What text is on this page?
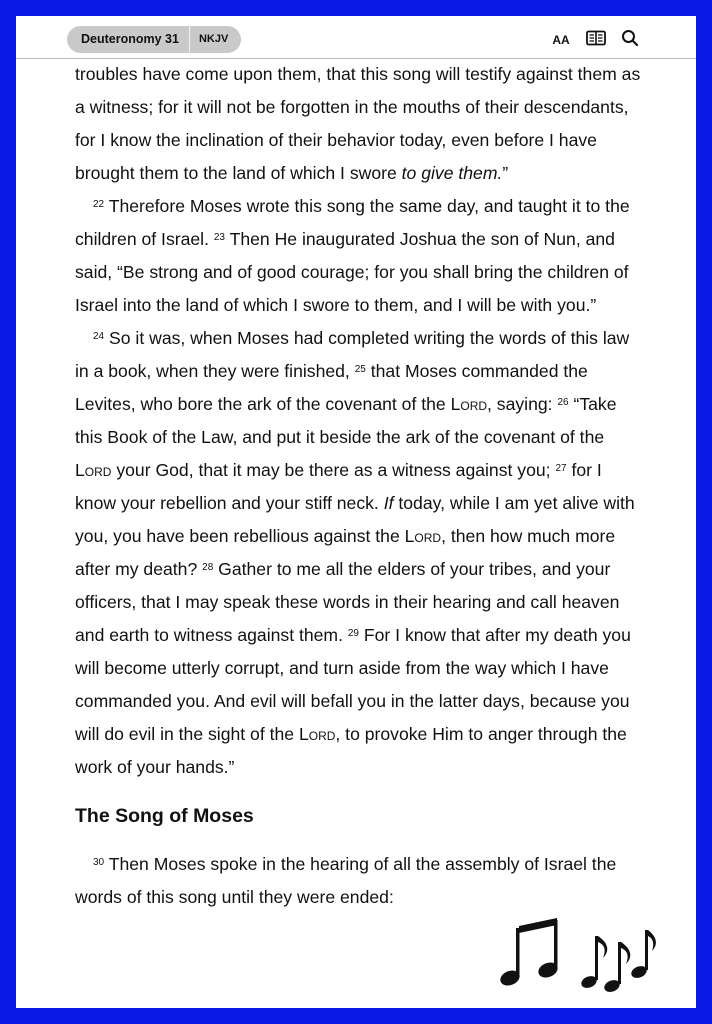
Deuteronomy 31	NKJV	AA

troubles have come upon them, that this song will testify against them as a witness; for it will not be forgotten in the mouths of their descendants, for I know the inclination of their behavior today, even before I have brought them to the land of which I swore to give them.”

$^{22}$ Therefore Moses wrote this song the same day, and taught it to the children of Israel. $^{23}$ Then He inaugurated Joshua the son of Nun, and said, “Be strong and of good courage; for you shall bring the children of Israel into the land of which I swore to them, and I will be with you.”

$^{24}$ So it was, when Moses had completed writing the words of this law in a book, when they were finished, $^{25}$ that Moses commanded the Levites, who bore the ark of the covenant of the Lord, saying: $^{26}$ “Take this Book of the Law, and put it beside the ark of the covenant of the Lord your God, that it may be there as a witness against you; $^{27}$ for I know your rebellion and your stiff neck. If today, while I am yet alive with you, you have been rebellious against the Lord, then how much more after my death? $^{28}$ Gather to me all the elders of your tribes, and your officers, that I may speak these words in their hearing and call heaven and earth to witness against them. $^{29}$ For I know that after my death you will become utterly corrupt, and turn aside from the way which I have commanded you. And evil will befall you in the latter days, because you will do evil in the sight of the Lord, to provoke Him to anger through the work of your hands.”

The Song of Moses

$^{30}$ Then Moses spoke in the hearing of all the assembly of Israel the words of this song until they were ended:
